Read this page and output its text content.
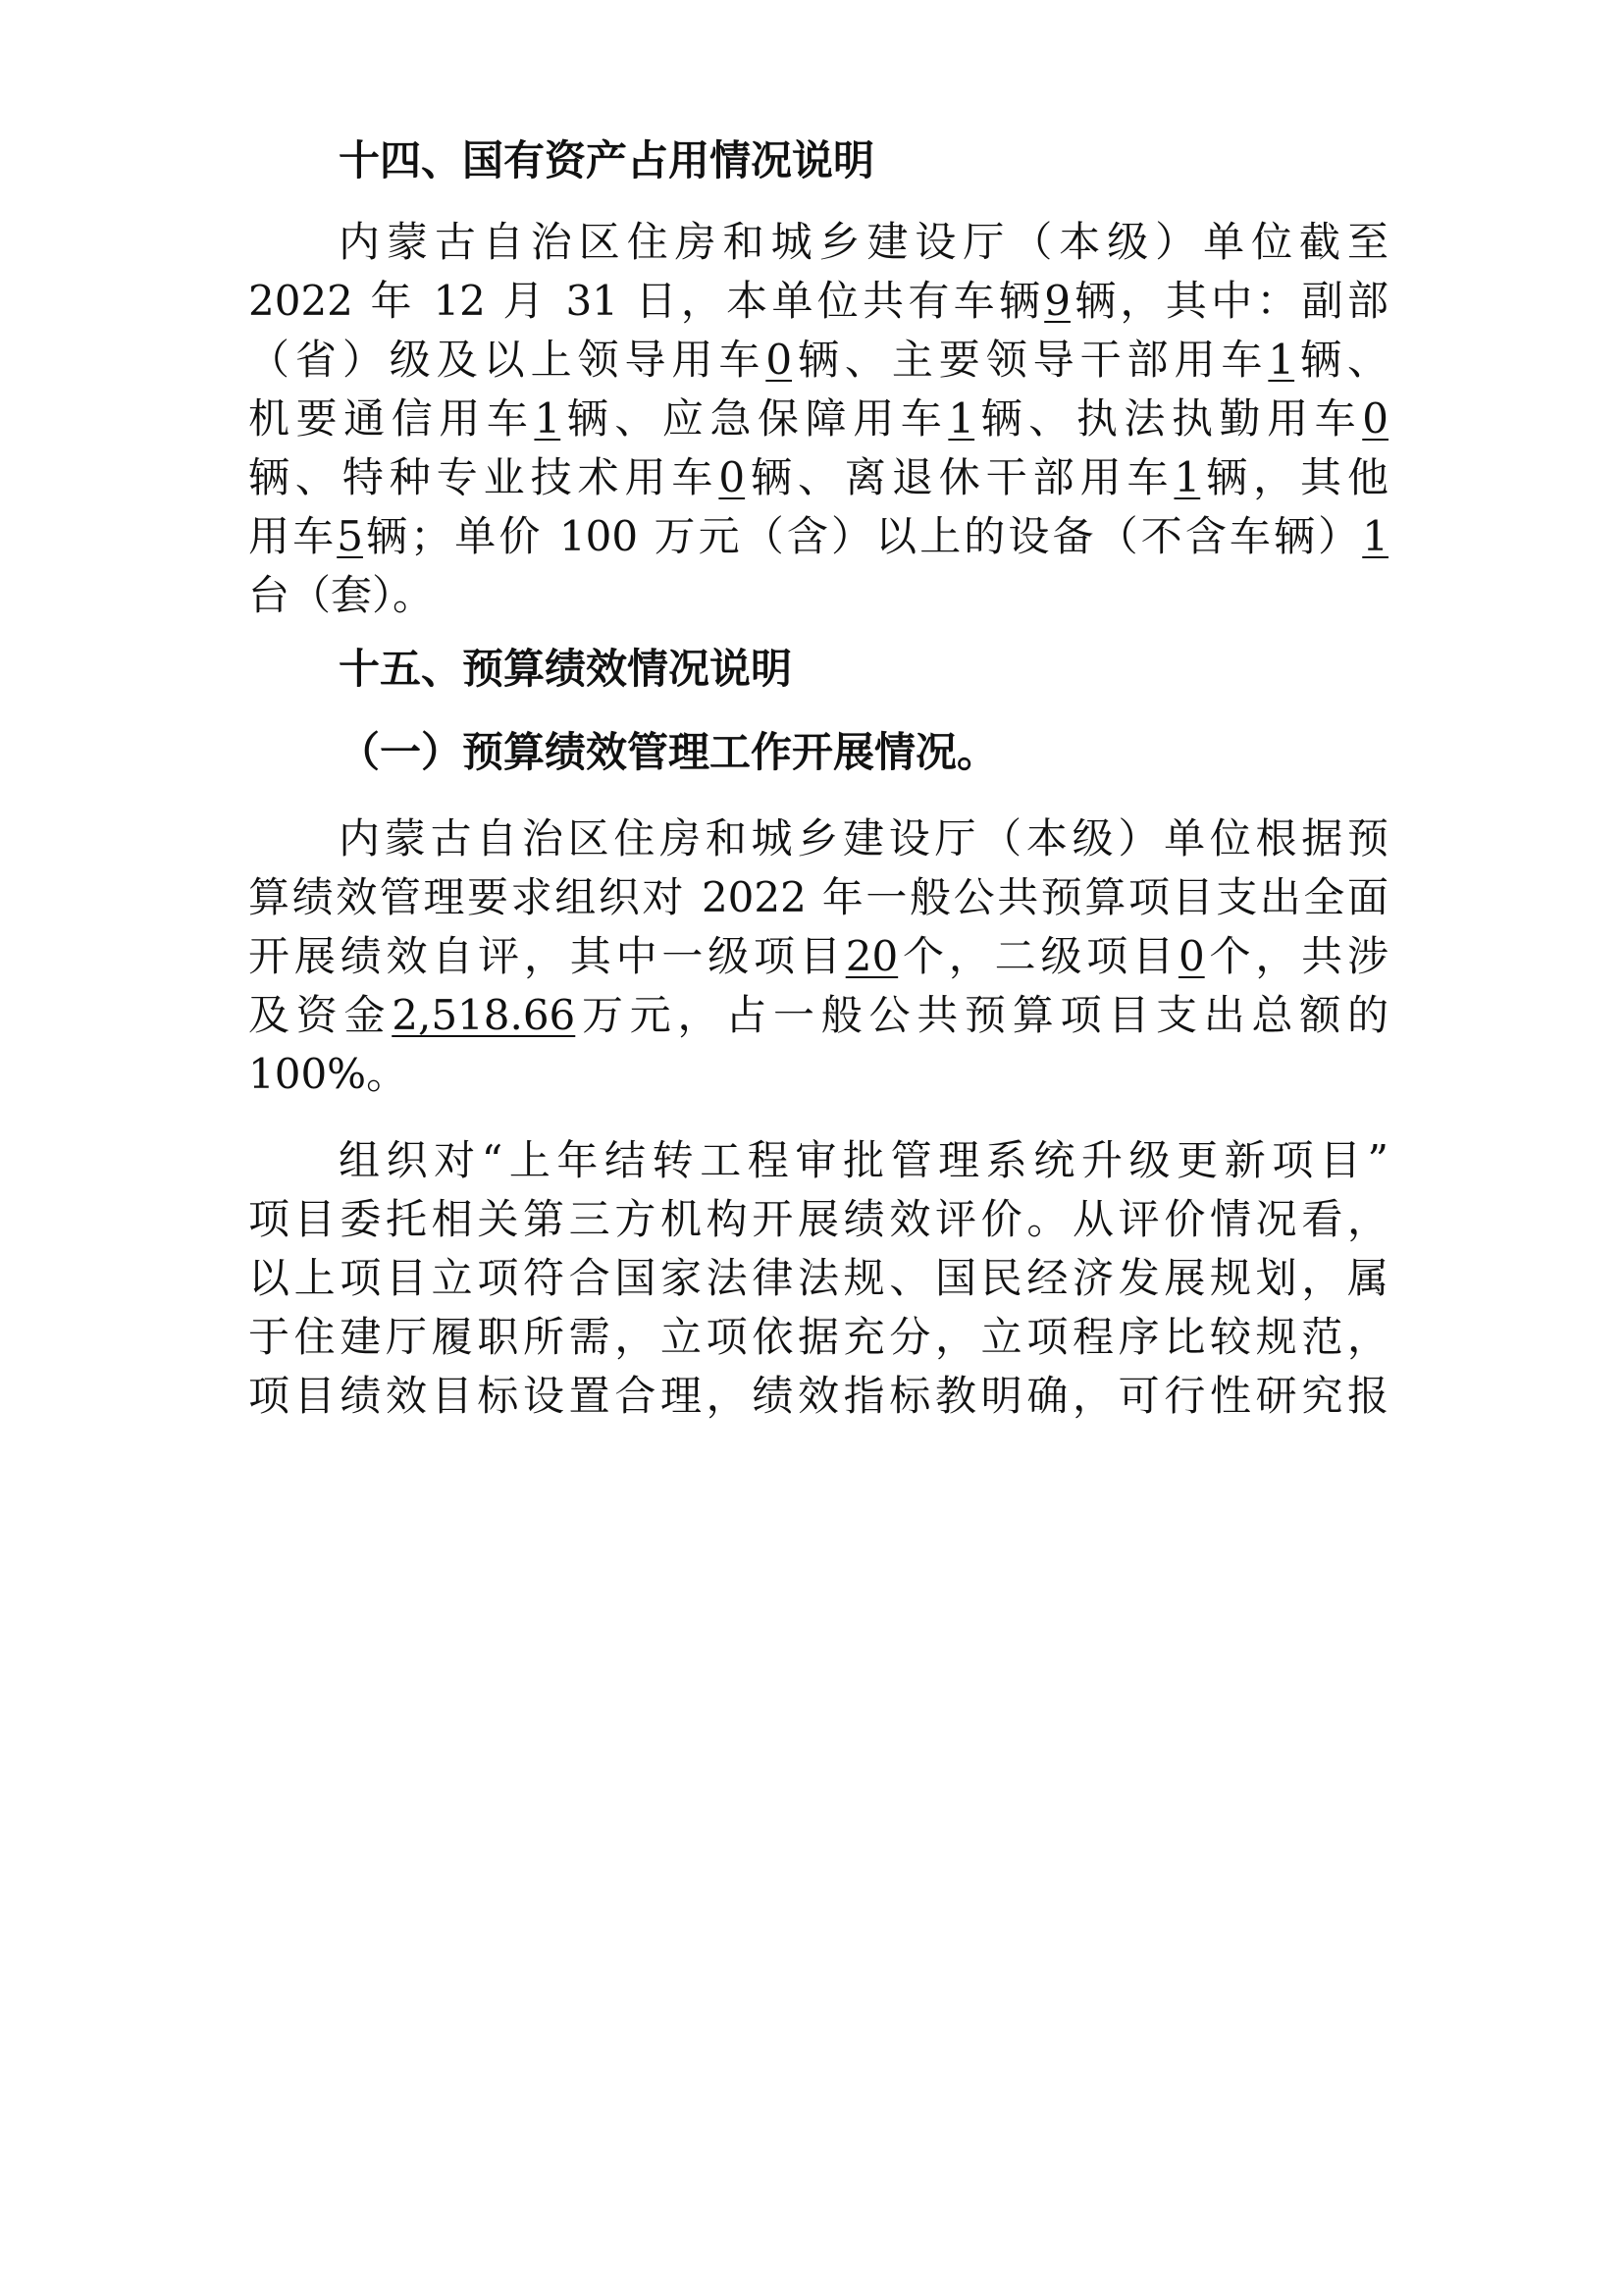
十四、国有资产占用情况说明
内蒙古自治区住房和城乡建设厅（本级）单位截至
2022 年 12 月 31 日，本单位共有车辆9辆，其中：副部
（省）级及以上领导用车0辆、主要领导干部用车1辆、
机要通信用车1辆、应急保障用车1辆、执法执勤用车0
辆、特种专业技术用车0辆、离退休干部用车1辆，其他
用车5辆；单价 100 万元（含）以上的设备（不含车辆）1
台（套）。
十五、预算绩效情况说明
（一）预算绩效管理工作开展情况。
内蒙古自治区住房和城乡建设厅（本级）单位根据预
算绩效管理要求组织对 2022 年一般公共预算项目支出全面
开展绩效自评，其中一级项目20个，二级项目0个，共涉
及资金2,518.66万元，占一般公共预算项目支出总额的
100%。
组织对“上年结转工程审批管理系统升级更新项目”
项目委托相关第三方机构开展绩效评价。从评价情况看，
以上项目立项符合国家法律法规、国民经济发展规划，属
于住建厅履职所需，立项依据充分，立项程序比较规范，
项目绩效目标设置合理，绩效指标教明确，可行性研究报
